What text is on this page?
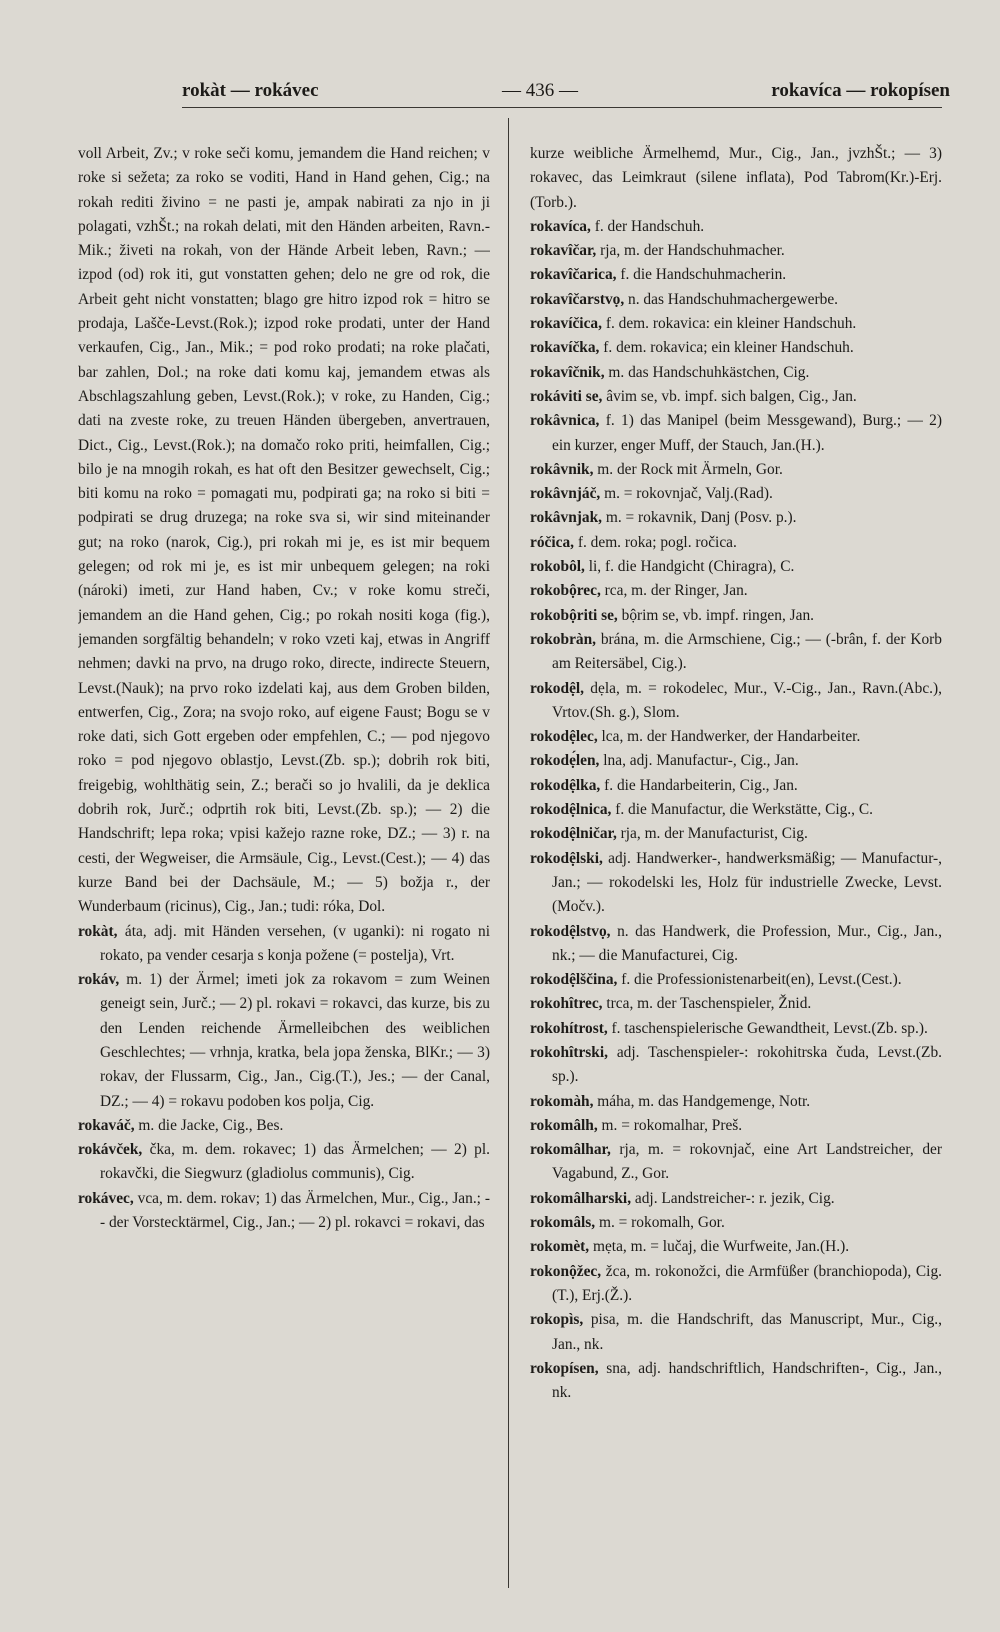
rokàt — rokávec	— 436 —	rokavíca — rokopísen

voll Arbeit, Zv.; v roke seči komu, jemandem die Hand reichen; v roke si sežeta; za roko se voditi, Hand in Hand gehen, Cig.; na rokah rediti živino = ne pasti je, ampak nabirati za njo in ji polagati, vzhŠt.; na rokah delati, mit den Händen arbeiten, Ravn.-Mik.; živeti na rokah, von der Hände Arbeit leben, Ravn.; — izpod (od) rok iti, gut vonstatten gehen; delo ne gre od rok, die Arbeit geht nicht vonstatten; blago gre hitro izpod rok = hitro se prodaja, Lašče-Levst.(Rok.); izpod roke prodati, unter der Hand verkaufen, Cig., Jan., Mik.; = pod roko prodati; na roke plačati, bar zahlen, Dol.; na roke dati komu kaj, jemandem etwas als Abschlagszahlung geben, Levst.(Rok.); v roke, zu Handen, Cig.; dati na zveste roke, zu treuen Händen übergeben, anvertrauen, Dict., Cig., Levst.(Rok.); na domačo roko priti, heimfallen, Cig.; bilo je na mnogih rokah, es hat oft den Besitzer gewechselt, Cig.; biti komu na roko = pomagati mu, podpirati ga; na roko si biti = podpirati se drug druzega; na roke sva si, wir sind miteinander gut; na roko (narok, Cig.), pri rokah mi je, es ist mir bequem gelegen; od rok mi je, es ist mir unbequem gelegen; na roki (nároki) imeti, zur Hand haben, Cv.; v roke komu streči, jemandem an die Hand gehen, Cig.; po rokah nositi koga (fig.), jemanden sorgfältig behandeln; v roko vzeti kaj, etwas in Angriff nehmen; davki na prvo, na drugo roko, directe, indirecte Steuern, Levst.(Nauk); na prvo roko izdelati kaj, aus dem Groben bilden, entwerfen, Cig., Zora; na svojo roko, auf eigene Faust; Bogu se v roke dati, sich Gott ergeben oder empfehlen, C.; — pod njegovo roko = pod njegovo oblastjo, Levst.(Zb. sp.); dobrih rok biti, freigebig, wohlthätig sein, Z.; berači so jo hvalili, da je deklica dobrih rok, Jurč.; odprtih rok biti, Levst.(Zb. sp.); — 2) die Handschrift; lepa roka; vpisi kažejo razne roke, DZ.; — 3) r. na cesti, der Wegweiser, die Armsäule, Cig., Levst.(Cest.); — 4) das kurze Band bei der Dachsäule, M.; — 5) božja r., der Wunderbaum (ricinus), Cig., Jan.; tudi: róka, Dol.

rokàt, áta, adj. mit Händen versehen, (v uganki): ni rogato ni rokato, pa vender cesarja s konja požene (= postelja), Vrt.

rokáv, m. 1) der Ärmel; imeti jok za rokavom = zum Weinen geneigt sein, Jurč.; — 2) pl. rokavi = rokavci, das kurze, bis zu den Lenden reichende Ärmelleibchen des weiblichen Geschlechtes; — vrhnja, kratka, bela jopa ženska, BlKr.; — 3) rokav, der Flussarm, Cig., Jan., Cig.(T.), Jes.; — der Canal, DZ.; — 4) = rokavu podoben kos polja, Cig.

rokaváč, m. die Jacke, Cig., Bes.

rokávček, čka, m. dem. rokavec; 1) das Ärmelchen; — 2) pl. rokavčki, die Siegwurz (gladiolus communis), Cig.

rokávec, vca, m. dem. rokav; 1) das Ärmelchen, Mur., Cig., Jan.; -- der Vorstecktärmel, Cig., Jan.; — 2) pl. rokavci = rokavi, das

kurze weibliche Ärmelhemd, Mur., Cig., Jan., jvzhŠt.; — 3) rokavec, das Leimkraut (silene inflata), Pod Tabrom(Kr.)-Erj.(Torb.).

rokavíca, f. der Handschuh.

rokavîčar, rja, m. der Handschuhmacher.

rokavîčarica, f. die Handschuhmacherin.

rokavîčarstvọ, n. das Handschuhmachergewerbe.

rokavíčica, f. dem. rokavica: ein kleiner Handschuh.

rokavíčka, f. dem. rokavica; ein kleiner Handschuh.

rokavîčnik, m. das Handschuhkästchen, Cig.

rokáviti se, âvim se, vb. impf. sich balgen, Cig., Jan.

rokâvnica, f. 1) das Manipel (beim Messgewand), Burg.; — 2) ein kurzer, enger Muff, der Stauch, Jan.(H.).

rokâvnik, m. der Rock mit Ärmeln, Gor.

rokâvnjáč, m. = rokovnjač, Valj.(Rad).

rokâvnjak, m. = rokavnik, Danj (Posv. p.).

róčica, f. dem. roka; pogl. ročica.

rokobôl, li, f. die Handgicht (Chiragra), C.

rokobộrec, rca, m. der Ringer, Jan.

rokobộriti se, bộrim se, vb. impf. ringen, Jan.

rokobràn, brána, m. die Armschiene, Cig.; — (-brân, f. der Korb am Reitersäbel, Cig.).

rokodệl, dẹla, m. = rokodelec, Mur., V.-Cig., Jan., Ravn.(Abc.), Vrtov.(Sh. g.), Slom.

rokodệlec, lca, m. der Handwerker, der Handarbeiter.

rokodẹ́len, lna, adj. Manufactur-, Cig., Jan.

rokodệlka, f. die Handarbeiterin, Cig., Jan.

rokodệlnica, f. die Manufactur, die Werkstätte, Cig., C.

rokodệlničar, rja, m. der Manufacturist, Cig.

rokodệlski, adj. Handwerker-, handwerksmäßig; — Manufactur-, Jan.; — rokodelski les, Holz für industrielle Zwecke, Levst.(Močv.).

rokodệlstvọ, n. das Handwerk, die Profession, Mur., Cig., Jan., nk.; — die Manufacturei, Cig.

rokodệlščina, f. die Professionistenarbeit(en), Levst.(Cest.).

rokohîtrec, trca, m. der Taschenspieler, Žnid.

rokohítrost, f. taschenspielerische Gewandtheit, Levst.(Zb. sp.).

rokohîtrski, adj. Taschenspieler-: rokohitrska čuda, Levst.(Zb. sp.).

rokomàh, máha, m. das Handgemenge, Notr.

rokomâlh, m. = rokomalhar, Preš.

rokomâlhar, rja, m. = rokovnjač, eine Art Landstreicher, der Vagabund, Z., Gor.

rokomâlharski, adj. Landstreicher-: r. jezik, Cig.

rokomâls, m. = rokomalh, Gor.

rokomèt, mẹta, m. = lučaj, die Wurfweite, Jan.(H.).

rokonộžec, žca, m. rokonožci, die Armfüßer (branchiopoda), Cig.(T.), Erj.(Ž.).

rokopìs, pisa, m. die Handschrift, das Manuscript, Mur., Cig., Jan., nk.

rokopísen, sna, adj. handschriftlich, Handschriften-, Cig., Jan., nk.
